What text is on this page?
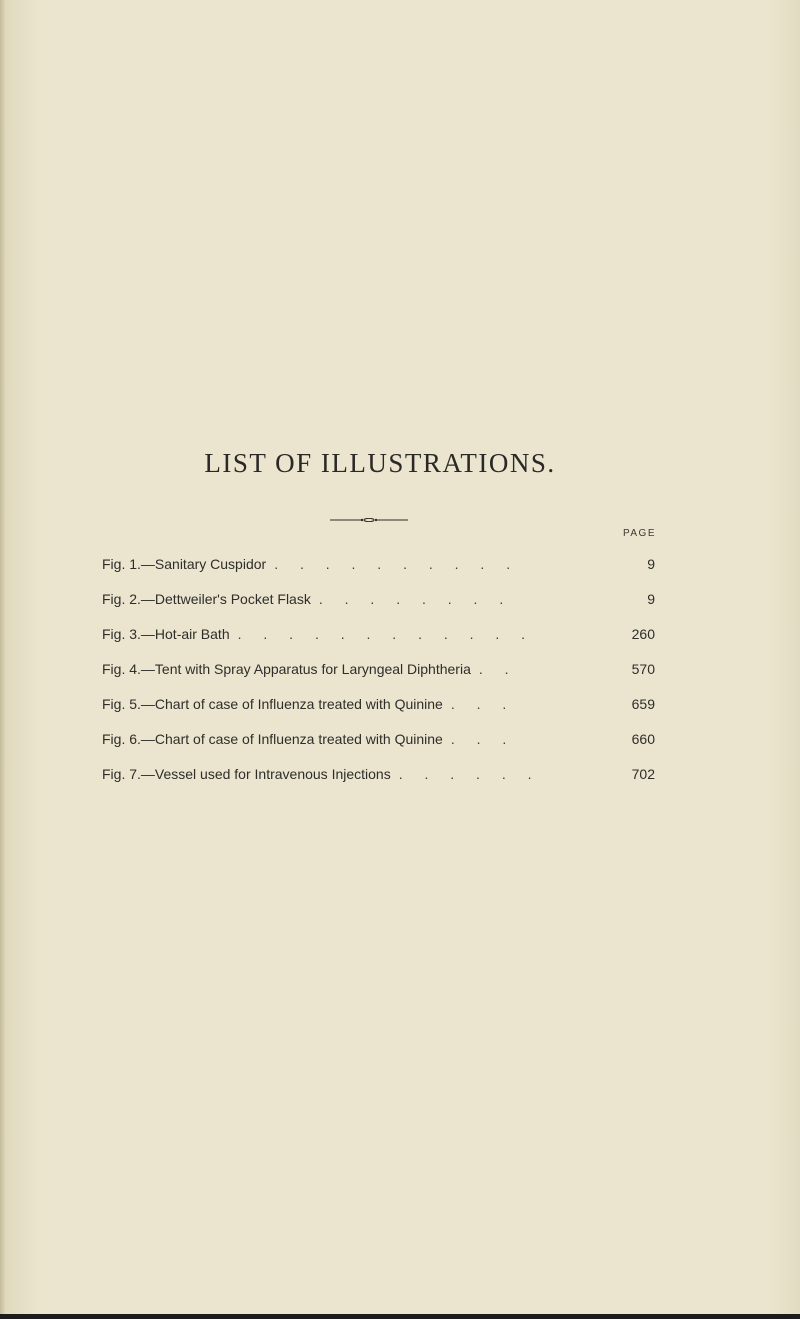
LIST OF ILLUSTRATIONS.
PAGE
Fig. 1.—Sanitary Cuspidor . . . . . . . . . .	9
Fig. 2.—Dettweiler's Pocket Flask . . . . . . . .	9
Fig. 3.—Hot-air Bath . . . . . . . . . . . .	260
Fig. 4.—Tent with Spray Apparatus for Laryngeal Diphtheria . .	570
Fig. 5.—Chart of case of Influenza treated with Quinine . . .	659
Fig. 6.—Chart of case of Influenza treated with Quinine . . .	660
Fig. 7.—Vessel used for Intravenous Injections . . . . . .	702
